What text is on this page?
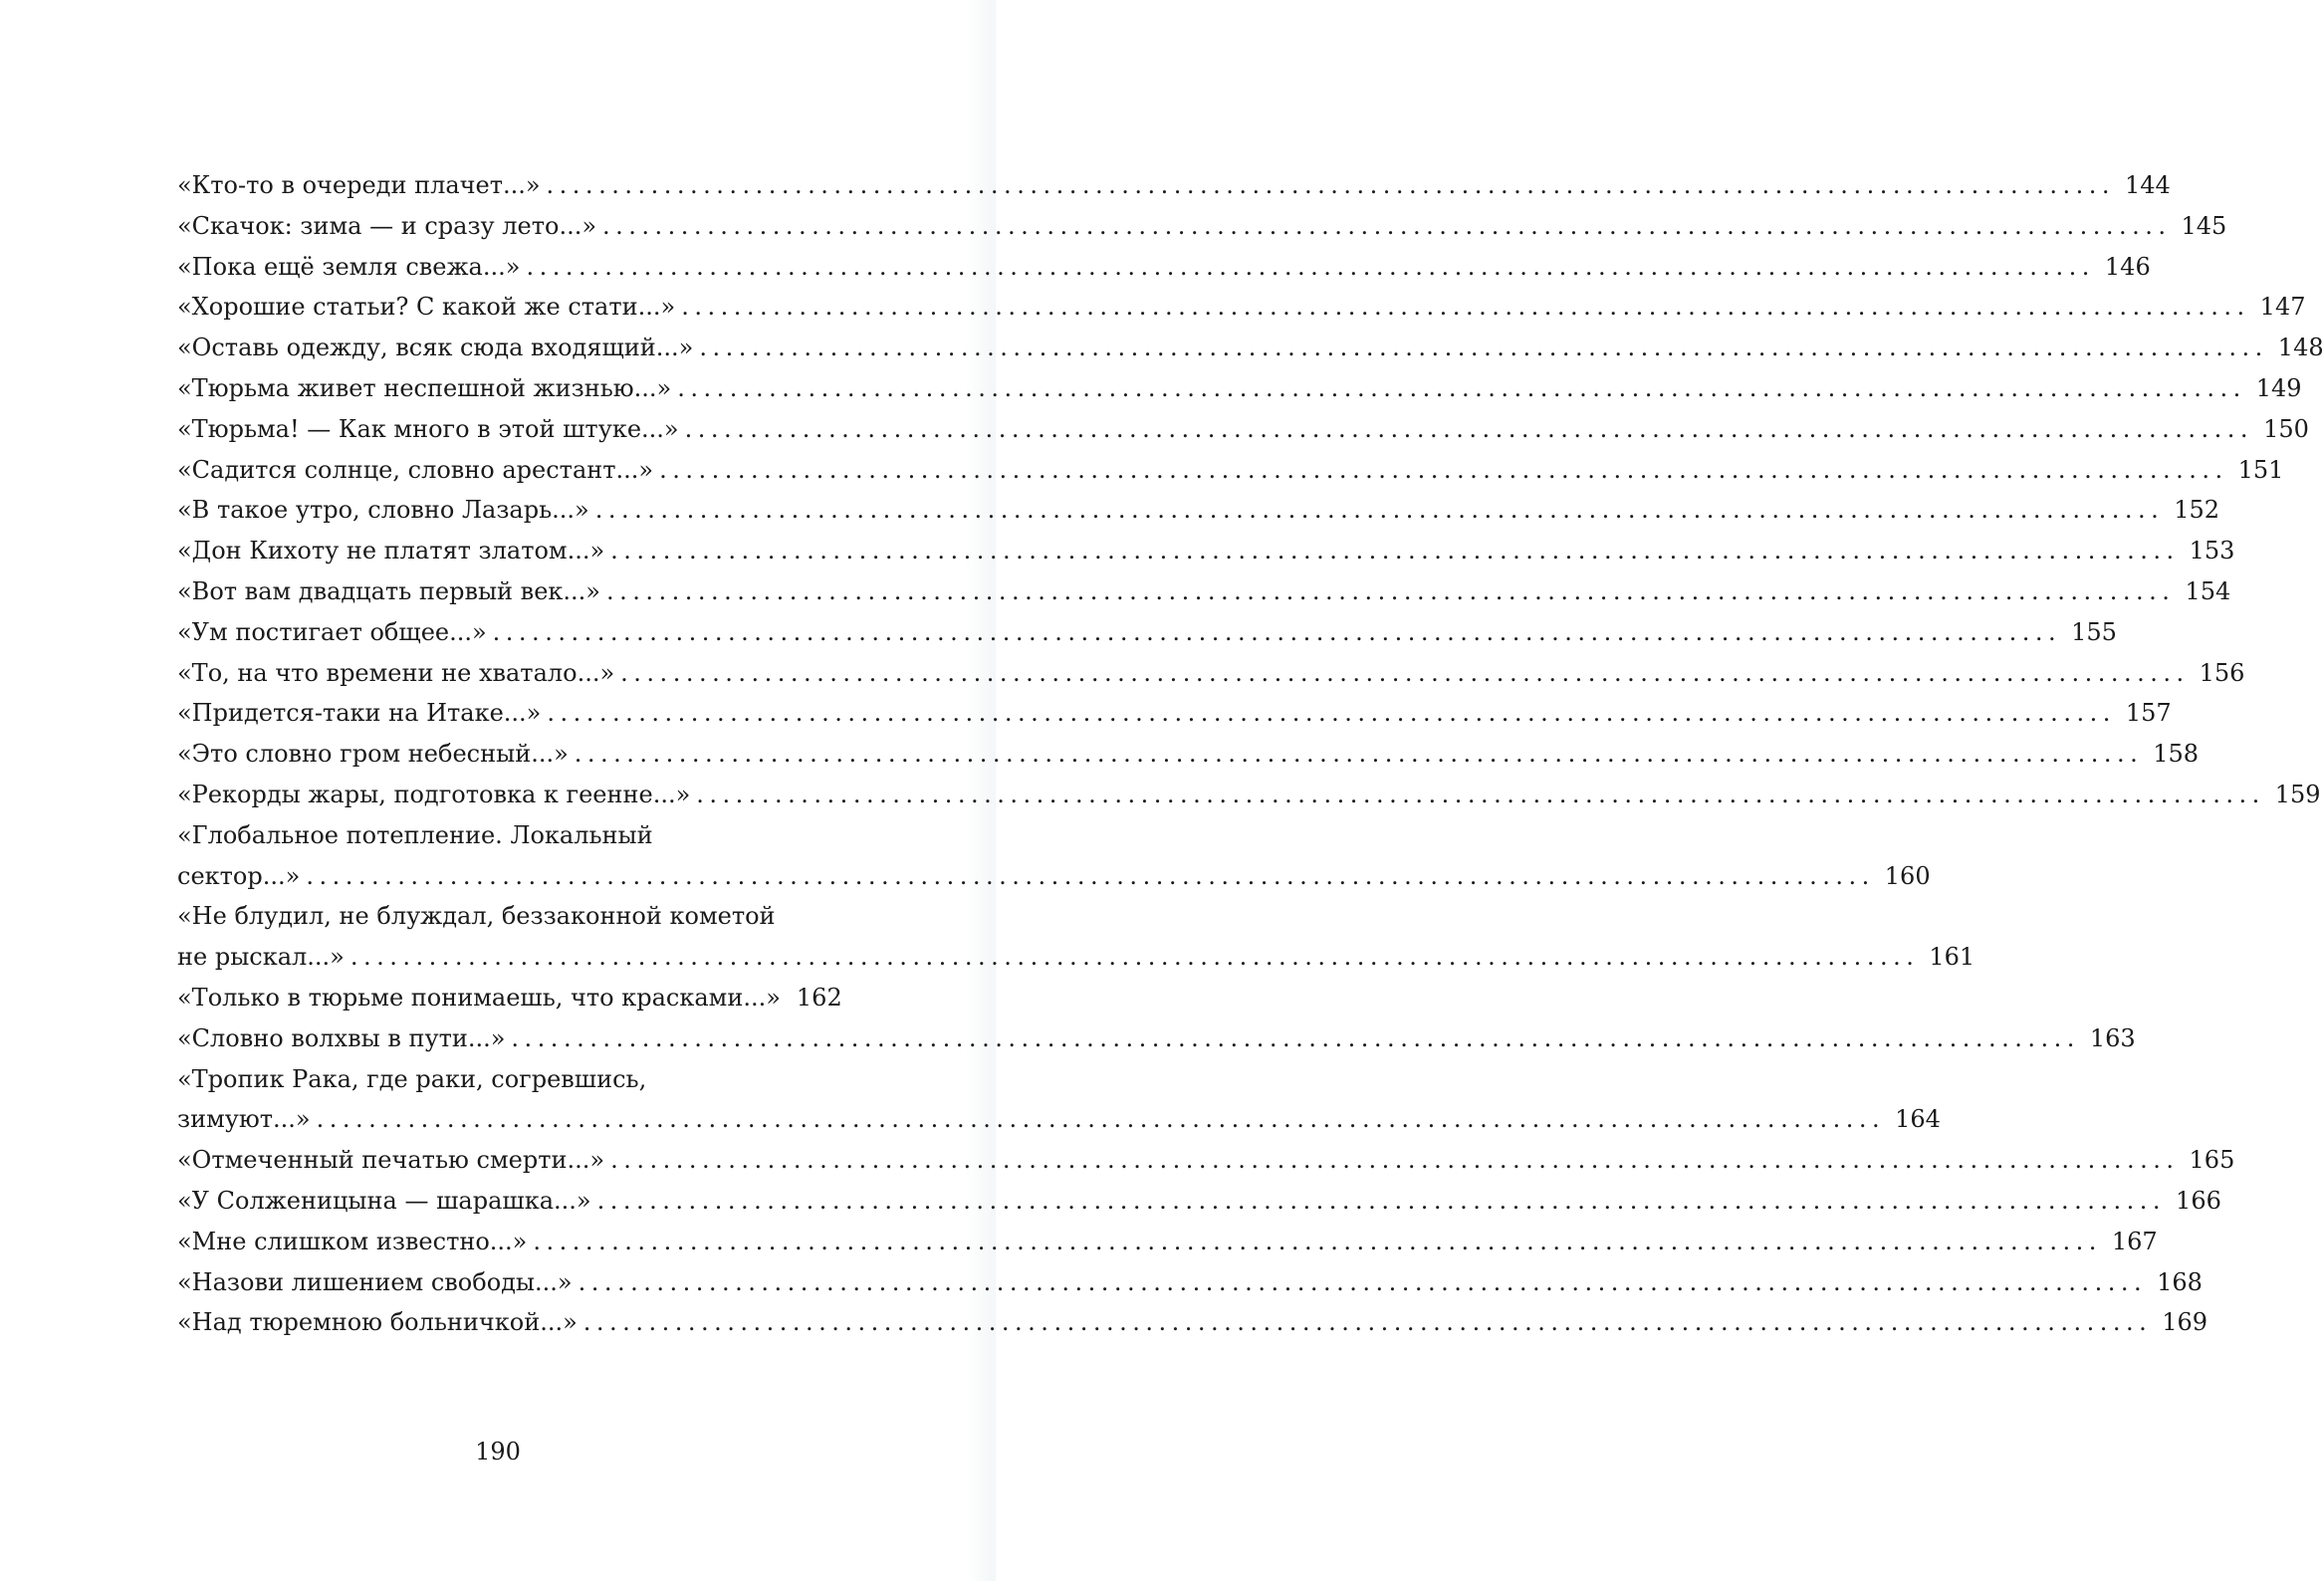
«Кто-то в очереди плачет...» ........................................................................................................................ 144
«Скачок: зима — и сразу лето...» ........................................................................................................................ 145
«Пока ещё земля свежа...» ........................................................................................................................ 146
«Хорошие статьи? С какой же стати...» ........................................................................................................................ 147
«Оставь одежду, всяк сюда входящий...» ........................................................................................................................ 148
«Тюрьма живет неспешной жизнью...» ........................................................................................................................ 149
«Тюрьма! — Как много в этой штуке...» ........................................................................................................................ 150
«Садится солнце, словно арестант...» ........................................................................................................................ 151
«В такое утро, словно Лазарь...» ........................................................................................................................ 152
«Дон Кихоту не платят златом...» ........................................................................................................................ 153
«Вот вам двадцать первый век...» ........................................................................................................................ 154
«Ум постигает общее...» ........................................................................................................................ 155
«То, на что времени не хватало...» ........................................................................................................................ 156
«Придется-таки на Итаке...» ........................................................................................................................ 157
«Это словно гром небесный...» ........................................................................................................................ 158
«Рекорды жары, подготовка к геенне...» ........................................................................................................................ 159
«Глобальное потепление. Локальный
сектор...» ........................................................................................................................ 160
«Не блудил, не блуждал, беззаконной кометой
не рыскал...» ........................................................................................................................ 161
«Только в тюрьме понимаешь, что красками...» 162
«Словно волхвы в пути...» ........................................................................................................................ 163
«Тропик Рака, где раки, согревшись,
зимуют...» ........................................................................................................................ 164
«Отмеченный печатью смерти...» ........................................................................................................................ 165
«У Солженицына — шарашка...» ........................................................................................................................ 166
«Мне слишком известно...» ........................................................................................................................ 167
«Назови лишением свободы...» ........................................................................................................................ 168
«Над тюремною больничкой...» ........................................................................................................................ 169
190
